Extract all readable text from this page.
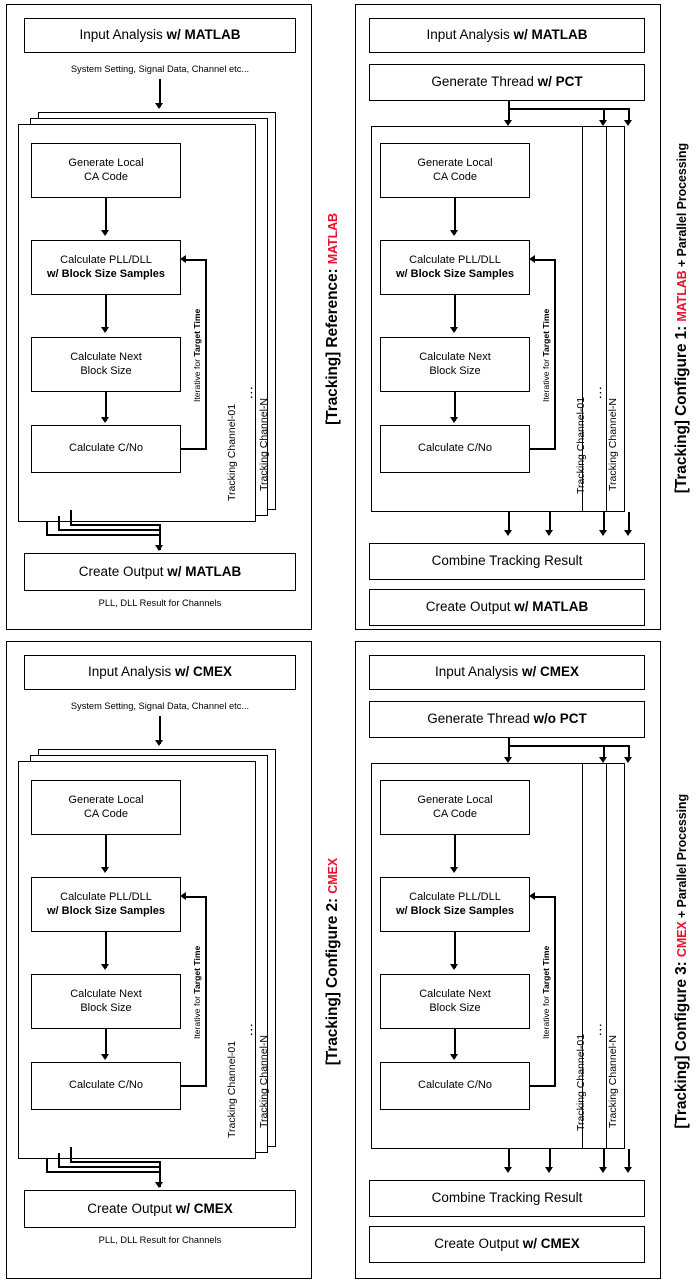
Input Analysis w/ MATLAB
System Setting, Signal Data, Channel etc...
Tracking Channel-N
⋮
Tracking Channel-01
Generate Local
CA Code
Calculate PLL/DLL
w/ Block Size Samples
Calculate Next
Block Size
Calculate C/No
Iterative for Target Time
Create Output w/ MATLAB
PLL, DLL Result for Channels
[Tracking] Reference: MATLAB
Input Analysis w/ MATLAB
Generate Thread w/ PCT
Tracking Channel-N
⋮
Tracking Channel-01
Generate Local
CA Code
Calculate PLL/DLL
w/ Block Size Samples
Calculate Next
Block Size
Calculate C/No
Iterative for Target Time
Combine Tracking Result
Create Output w/ MATLAB
[Tracking] Configure 1: MATLAB + Parallel Processing
Input Analysis w/ CMEX
System Setting, Signal Data, Channel etc...
Tracking Channel-N
⋮
Tracking Channel-01
Generate Local
CA Code
Calculate PLL/DLL
w/ Block Size Samples
Calculate Next
Block Size
Calculate C/No
Iterative for Target Time
Create Output w/ CMEX
PLL, DLL Result for Channels
[Tracking] Configure 2: CMEX
Input Analysis w/ CMEX
Generate Thread w/o PCT
Tracking Channel-N
⋮
Tracking Channel-01
Generate Local
CA Code
Calculate PLL/DLL
w/ Block Size Samples
Calculate Next
Block Size
Calculate C/No
Iterative for Target Time
Combine Tracking Result
Create Output w/ CMEX
[Tracking] Configure 3: CMEX + Parallel Processing
